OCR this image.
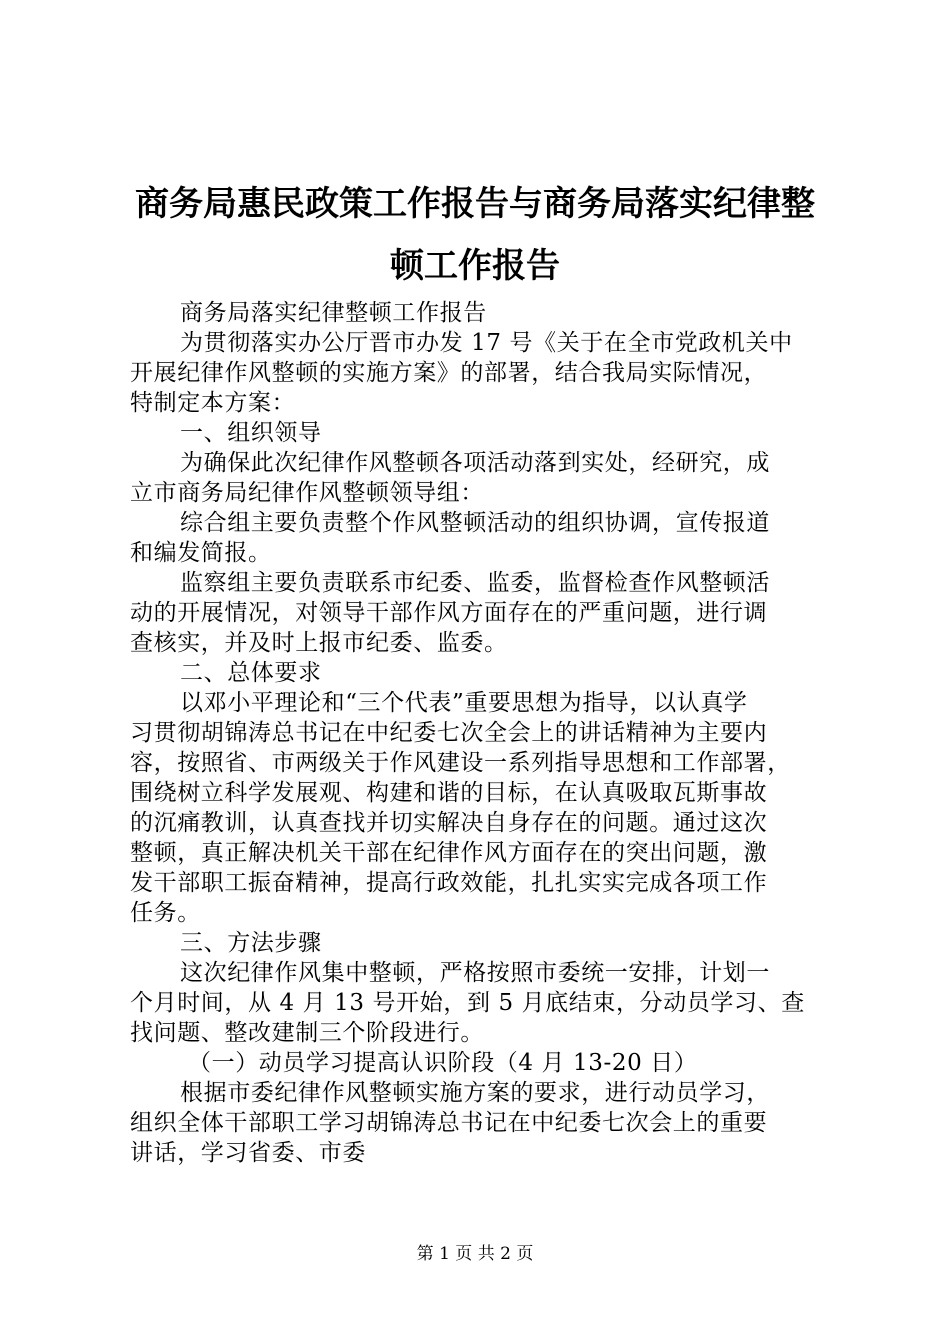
商务局惠民政策工作报告与商务局落实纪律整
顿工作报告
商务局落实纪律整顿工作报告
为贯彻落实办公厅晋市办发 17 号《关于在全市党政机关中
开展纪律作风整顿的实施方案》的部署，结合我局实际情况，
特制定本方案：
一、组织领导
为确保此次纪律作风整顿各项活动落到实处，经研究，成
立市商务局纪律作风整顿领导组：
综合组主要负责整个作风整顿活动的组织协调，宣传报道
和编发简报。
监察组主要负责联系市纪委、监委，监督检查作风整顿活
动的开展情况，对领导干部作风方面存在的严重问题，进行调
查核实，并及时上报市纪委、监委。
二、总体要求
以邓小平理论和“三个代表”重要思想为指导，以认真学
习贯彻胡锦涛总书记在中纪委七次全会上的讲话精神为主要内
容，按照省、市两级关于作风建设一系列指导思想和工作部署，
围绕树立科学发展观、构建和谐的目标，在认真吸取瓦斯事故
的沉痛教训，认真查找并切实解决自身存在的问题。通过这次
整顿，真正解决机关干部在纪律作风方面存在的突出问题，激
发干部职工振奋精神，提高行政效能，扎扎实实完成各项工作
任务。
三、方法步骤
这次纪律作风集中整顿，严格按照市委统一安排，计划一
个月时间，从 4 月 13 号开始，到 5 月底结束，分动员学习、查
找问题、整改建制三个阶段进行。
（一）动员学习提高认识阶段（4 月 13-20 日）
根据市委纪律作风整顿实施方案的要求，进行动员学习，
组织全体干部职工学习胡锦涛总书记在中纪委七次会上的重要
讲话，学习省委、市委
第 1 页 共 2 页
